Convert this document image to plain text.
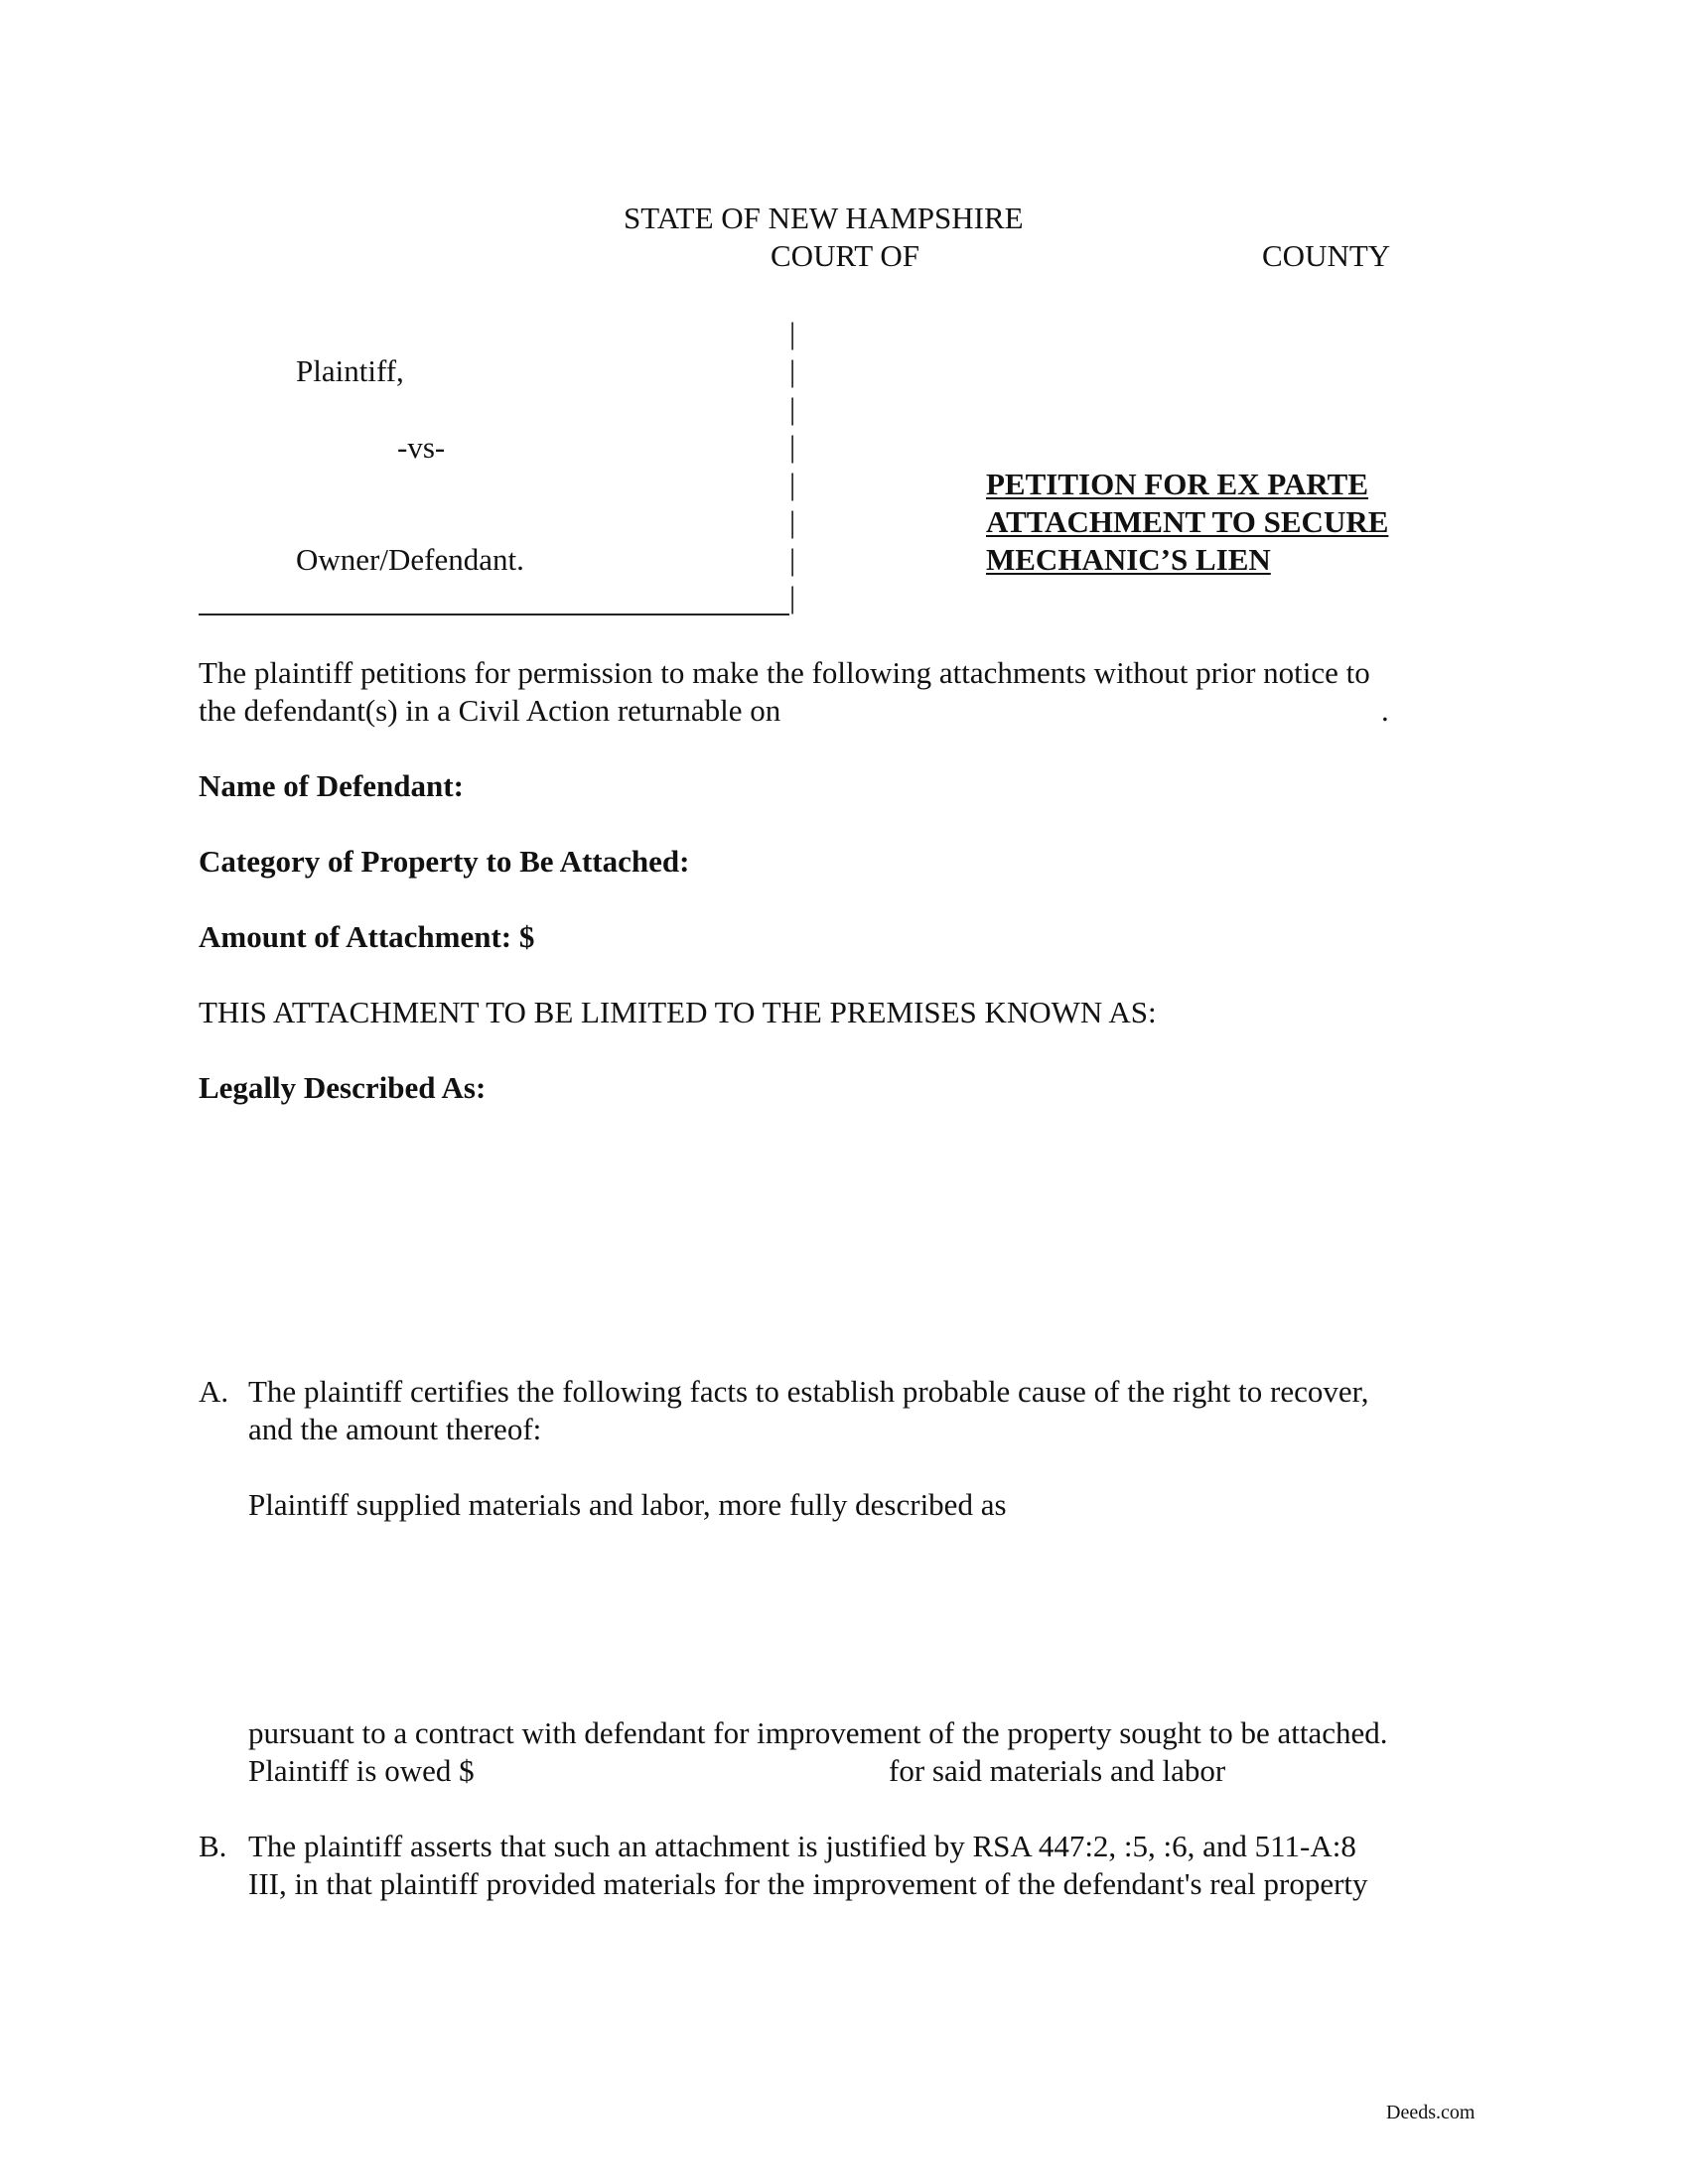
STATE OF NEW HAMPSHIRE
COURT OF	COUNTY
Plaintiff,
-vs-
Owner/Defendant.
|
|
|
|
|
|
|
|
PETITION FOR EX PARTE
ATTACHMENT TO SECURE
MECHANIC’S LIEN
The plaintiff petitions for permission to make the following attachments without prior notice to
the defendant(s) in a Civil Action returnable on	.
Name of Defendant:
Category of Property to Be Attached:
Amount of Attachment: $
THIS ATTACHMENT TO BE LIMITED TO THE PREMISES KNOWN AS:
Legally Described As:
A. The plaintiff certifies the following facts to establish probable cause of the right to recover,
and the amount thereof:
Plaintiff supplied materials and labor, more fully described as
pursuant to a contract with defendant for improvement of the property sought to be attached.
Plaintiff is owed $	for said materials and labor
B. The plaintiff asserts that such an attachment is justified by RSA 447:2, :5, :6, and 511-A:8
III, in that plaintiff provided materials for the improvement of the defendant's real property
Deeds.com
